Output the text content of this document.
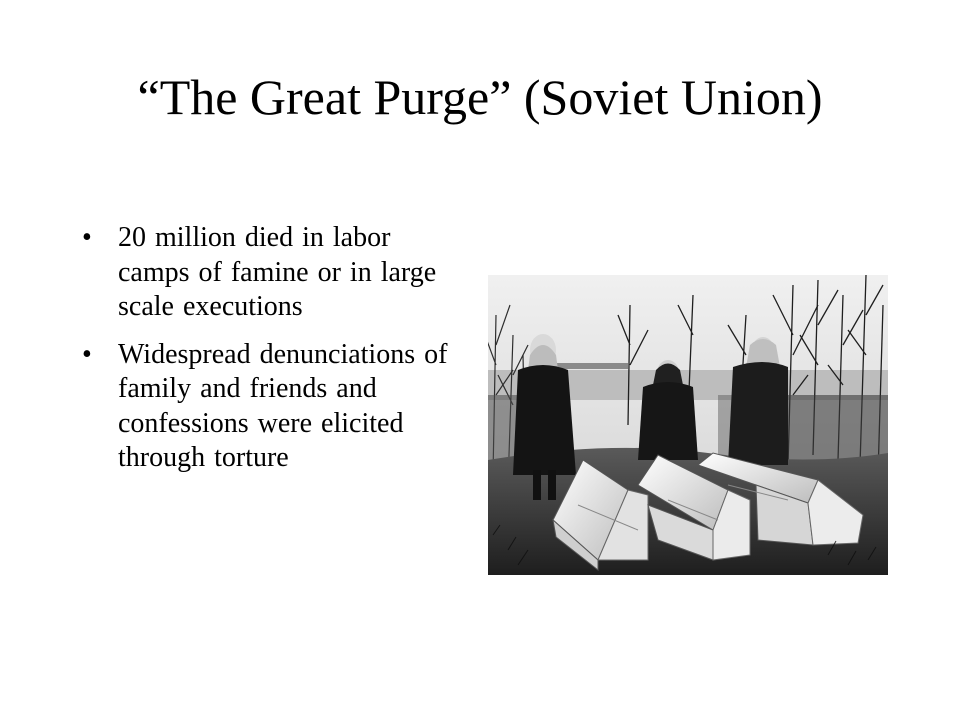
“The Great Purge” (Soviet Union)
• 20 million died in labor camps of famine or in large scale executions
• Widespread denunciations of family and friends and confessions were elicited through torture
